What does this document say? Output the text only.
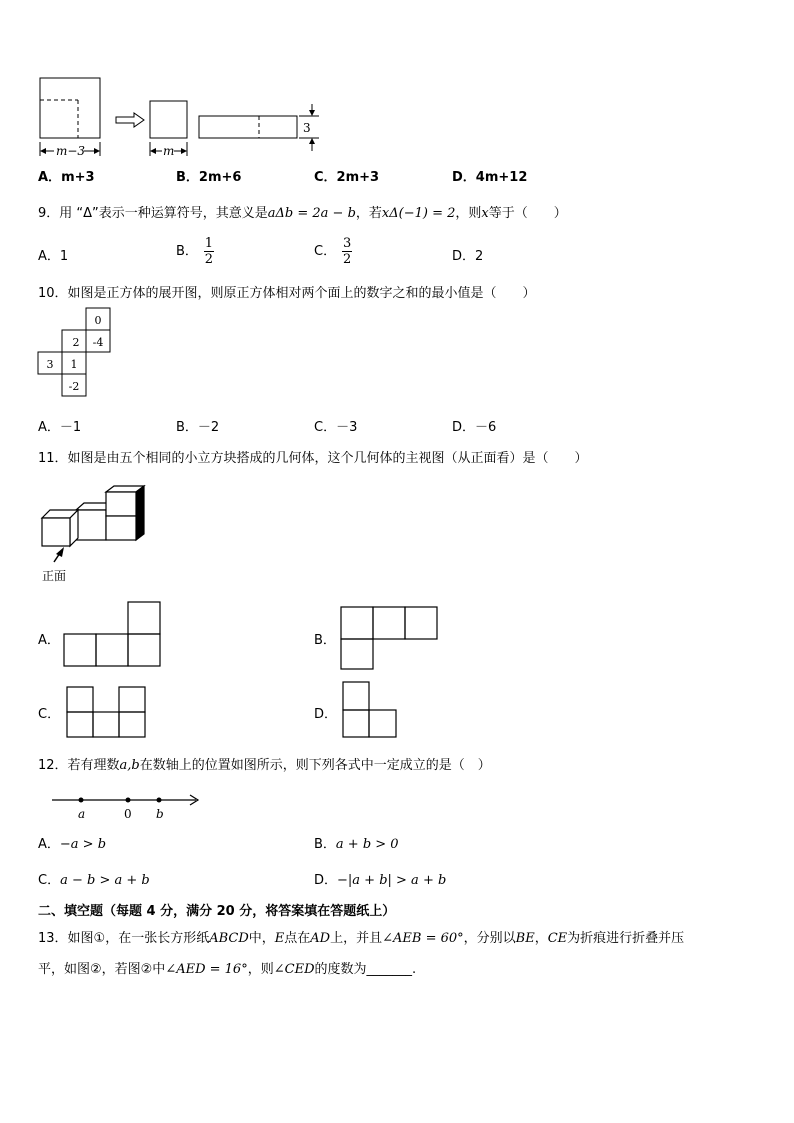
m−3	m
3
A．m+3	B．2m+6	C．2m+3	D．4m+12
9．用 “Δ”表示一种运算符号，其意义是aΔb = 2a − b，若xΔ(−1) = 2，则x等于（　　）
A．1	B． $\frac{1}{2}$	C． $\frac{3}{2}$	D．2
10．如图是正方体的展开图，则原正方体相对两个面上的数字之和的最小值是（　　）
0
2 -4
3 1
-2
A．－1	B．－2	C．－3	D．－6
11．如图是由五个相同的小立方块搭成的几何体，这个几何体的主视图（从正面看）是（　　）
正面
A．	B．
C．	D．
12．若有理数a,b在数轴上的位置如图所示，则下列各式中一定成立的是（　）
a	0 b
A．−a > b	B．a + b > 0
C．a − b > a + b	D．−|a + b| > a + b
二、填空题（每题 4 分，满分 20 分，将答案填在答题纸上）
13．如图①，在一张长方形纸ABCD中，E点在AD上，并且∠AEB = 60°，分别以BE，CE为折痕进行折叠并压
平，如图②，若图②中∠AED = 16°，则∠CED的度数为_______.
